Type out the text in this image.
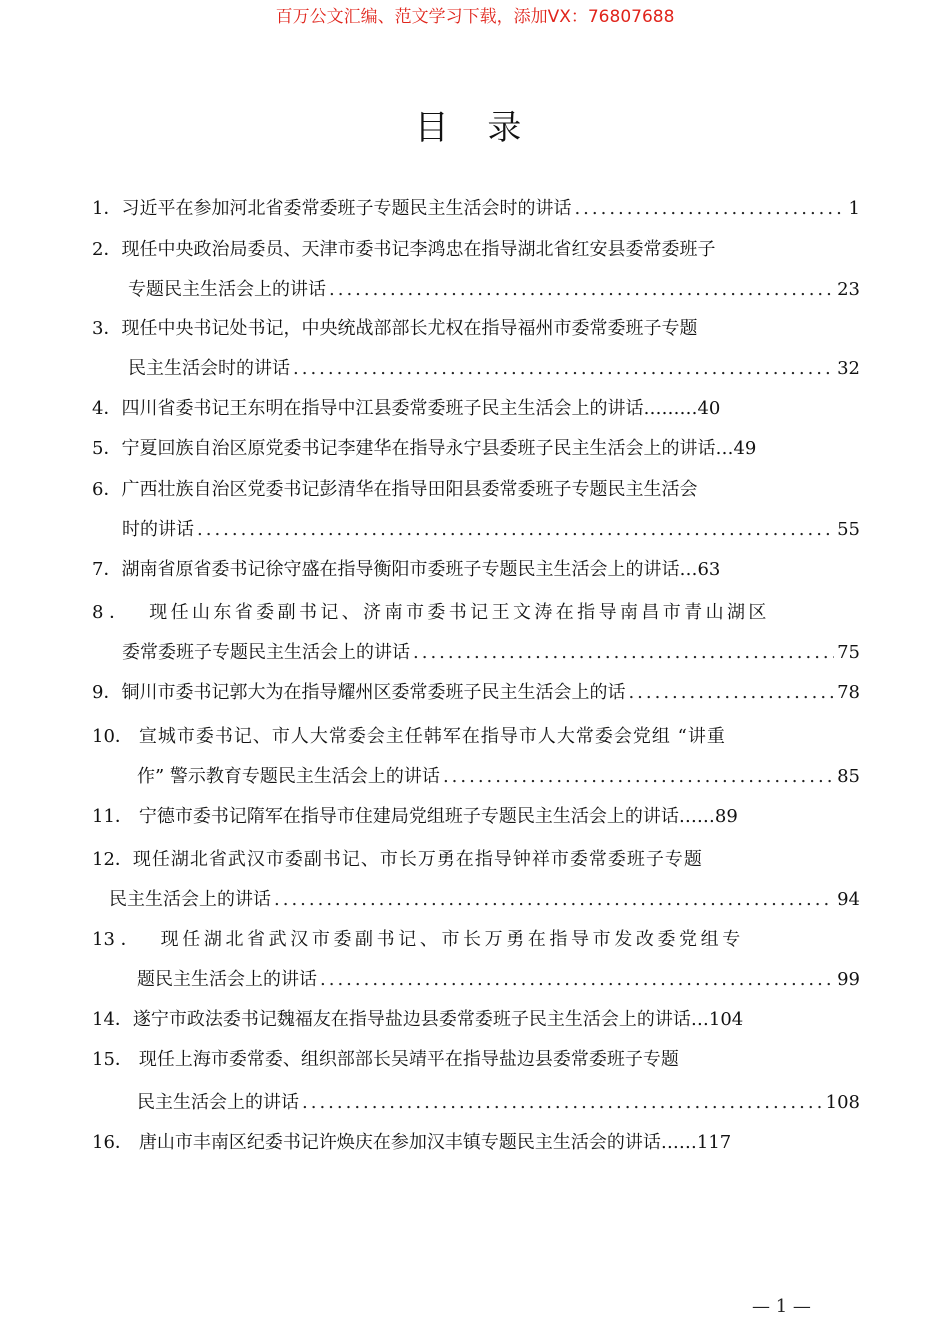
百万公文汇编、范文学习下载，添加VX：76807688
目 录
1． 习近平在参加河北省委常委班子专题民主生活会时的讲话 .....	1
2． 现任中央政治局委员、天津市委书记李鸿忠在指导湖北省红安县委常委班子
专题民主生活会上的讲话 .....	23
3． 现任中央书记处书记，中央统战部部长尤权在指导福州市委常委班子专题
民主生活会时的讲话 .....	32
4． 四川省委书记王东明在指导中江县委常委班子民主生活会上的讲话 ……… 40
5． 宁夏回族自治区原党委书记李建华在指导永宁县委班子民主生活会上的讲话 … 49
6． 广西壮族自治区党委书记彭清华在指导田阳县委常委班子专题民主生活会
时的讲话 .....	55
7． 湖南省原省委书记徐守盛在指导衡阳市委班子专题民主生活会上的讲话 … 63
8 ． 现任山东省委副书记、济南市委书记王文涛在指导南昌市青山湖区
委常委班子专题民主生活会上的讲话 .....	75
9． 铜川市委书记郭大为在指导耀州区委常委班子民主生活会上的话 .....	78
10． 宣城市委书记、市人大常委会主任韩军在指导市人大常委会党组 “讲重
作” 警示教育专题民主生活会上的讲话 .....	85
11． 宁德市委书记隋军在指导市住建局党组班子专题民主生活会上的讲话 …… 89
12． 现任湖北省武汉市委副书记、市长万勇在指导钟祥市委常委班子专题
民主生活会上的讲话 .....	94
13 ． 现任湖北省武汉市委副书记、市长万勇在指导市发改委党组专
题民主生活会上的讲话 .....	99
14． 遂宁市政法委书记魏福友在指导盐边县委常委班子民主生活会上的讲话 … 104
15． 现任上海市委常委、组织部部长吴靖平在指导盐边县委常委班子专题
民主生活会上的讲话 .....	108
16． 唐山市丰南区纪委书记许焕庆在参加汉丰镇专题民主生活会的讲话 …… 117
— 1 —
